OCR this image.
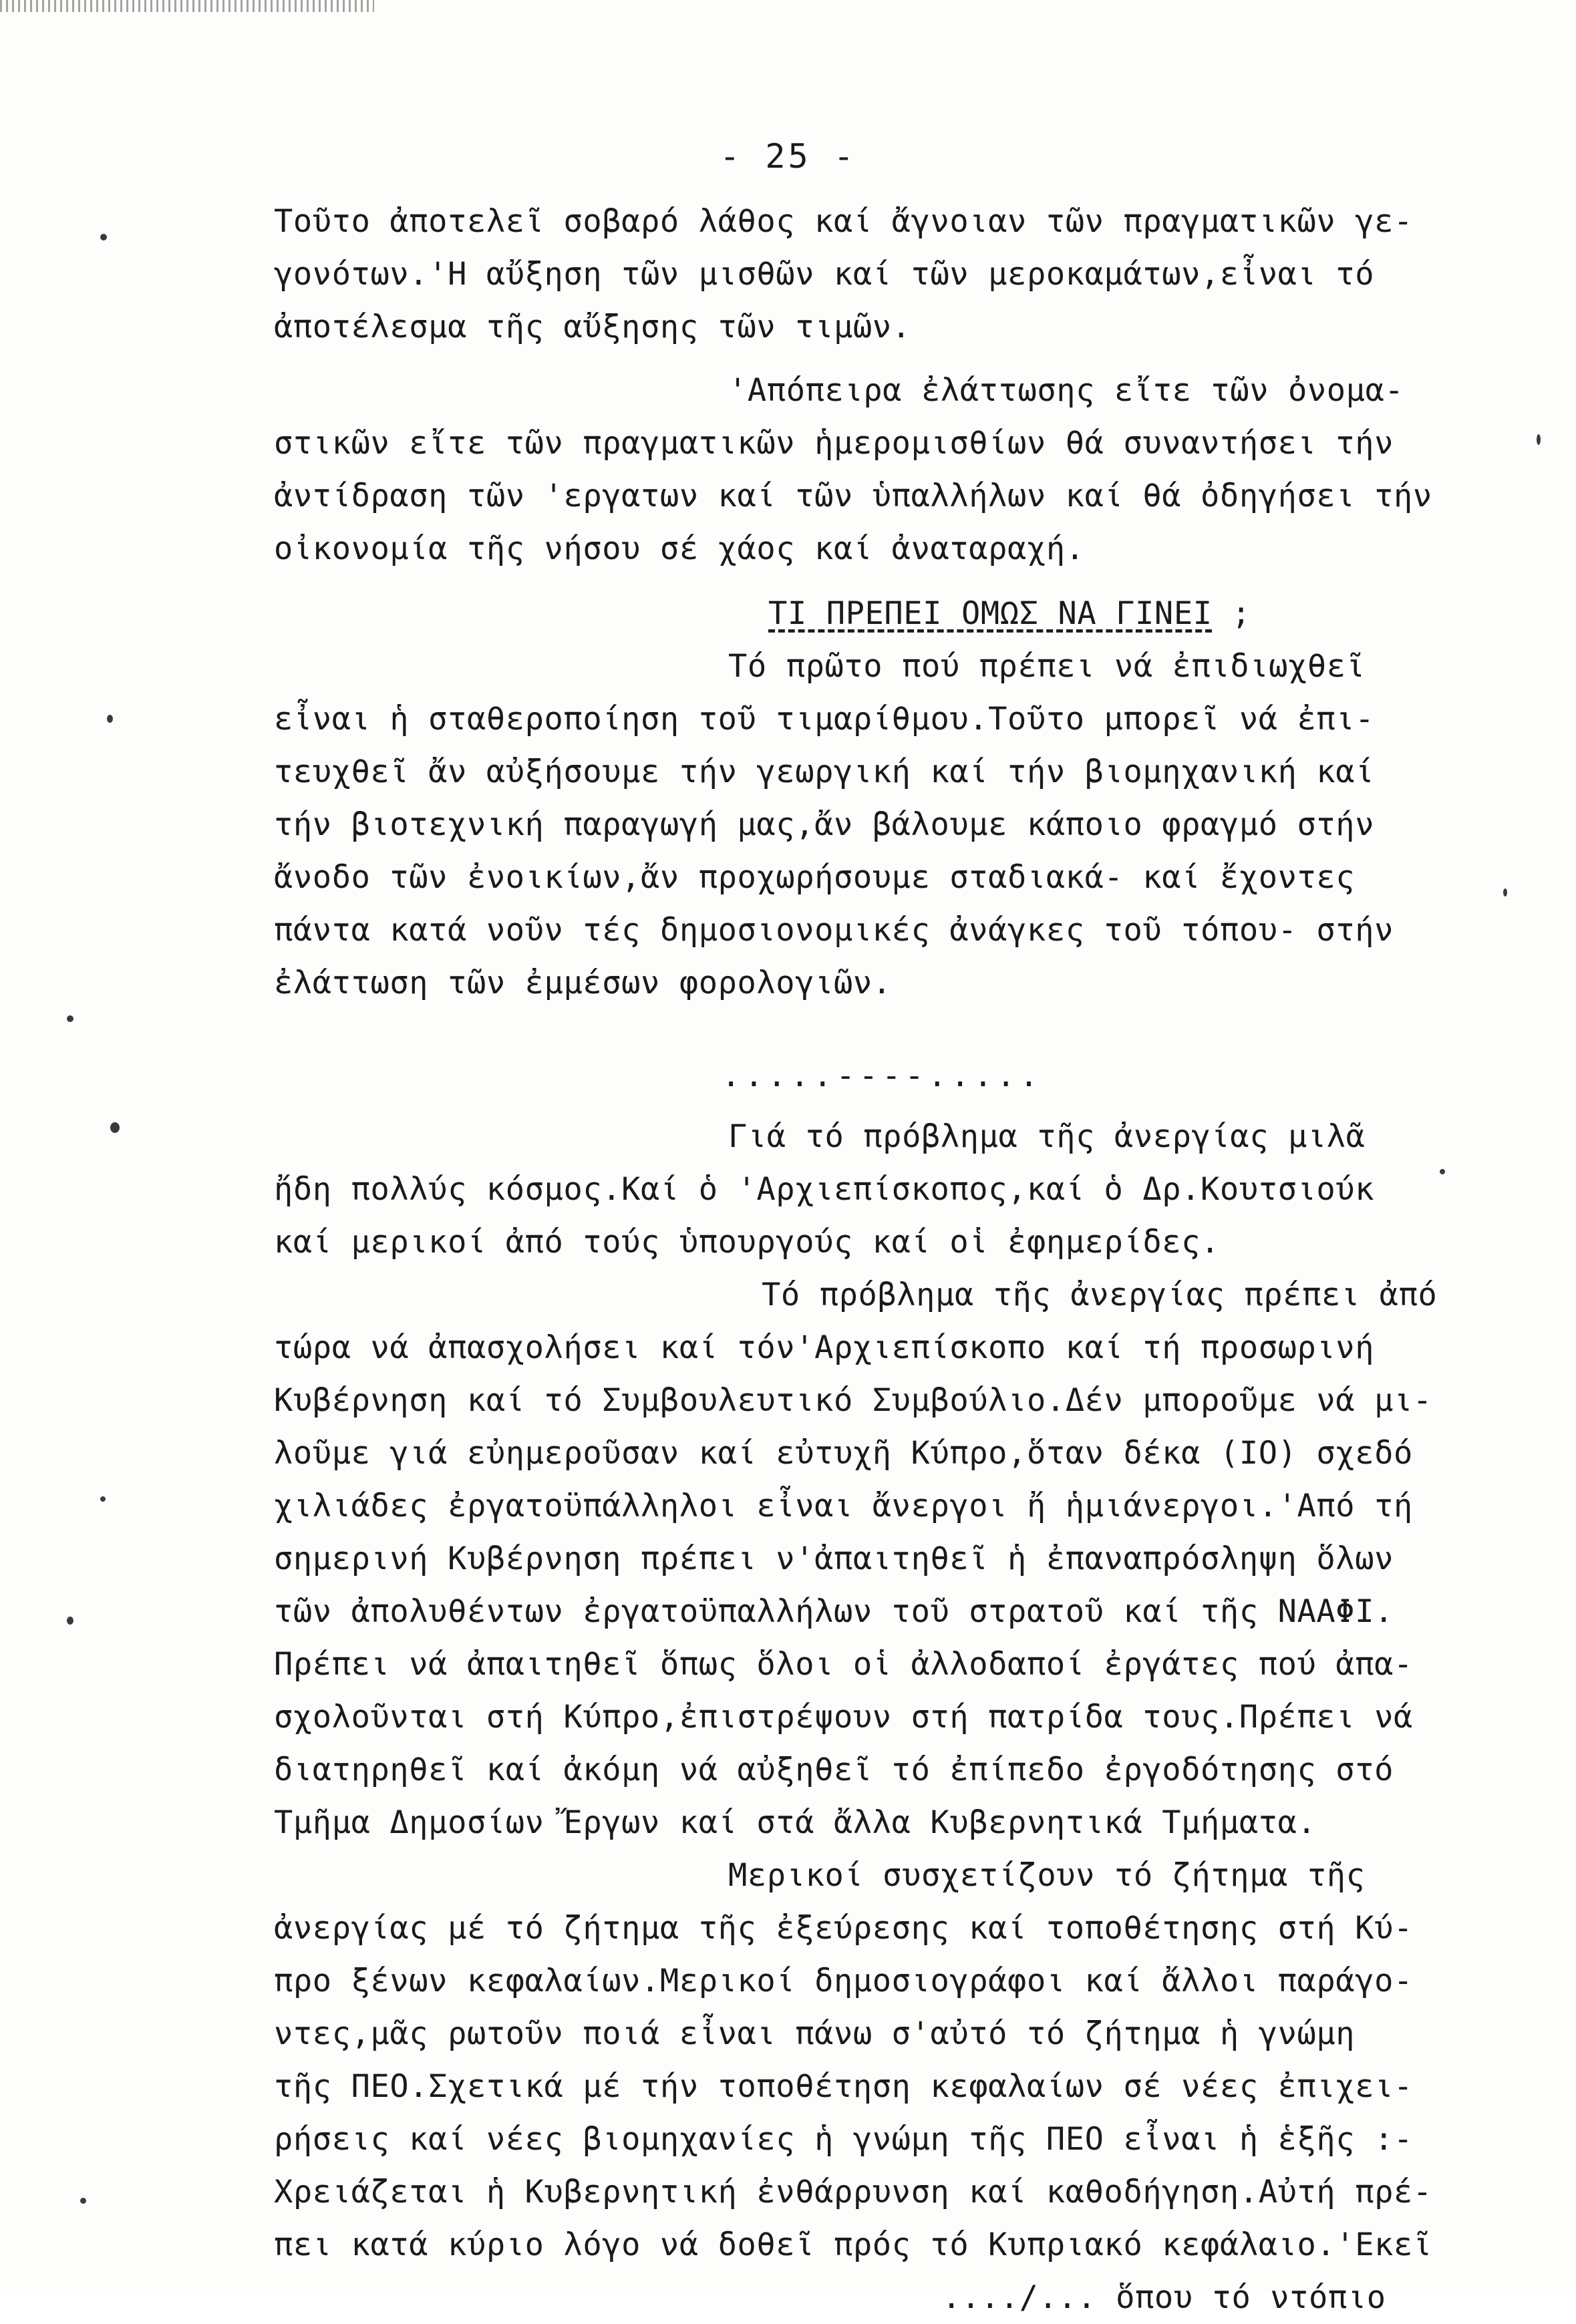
- 25 -
Τοῦτο ἀποτελεῖ σοβαρό λάθος καί ἄγνοιαν τῶν πραγματικῶν γε-
γονότων.'Η αὔξηση τῶν μισθῶν καί τῶν μεροκαμάτων,εἶναι τό
ἀποτέλεσμα τῆς αὔξησης τῶν τιμῶν.
'Απόπειρα ἐλάττωσης εἴτε τῶν ὀνομα-
στικῶν εἴτε τῶν πραγματικῶν ἡμερομισθίων θά συναντήσει τήν
ἀντίδραση τῶν 'εργατων καί τῶν ὑπαλλήλων καί θά ὀδηγήσει τήν
οἰκονομία τῆς νήσου σέ χάος καί ἀναταραχή.
ΤΙ ΠΡΕΠΕΙ ΟΜΩΣ ΝΑ ΓΙΝΕΙ ;
Τό πρῶτο πού πρέπει νά ἐπιδιωχθεῖ
εἶναι ἡ σταθεροποίηση τοῦ τιμαρίθμου.Τοῦτο μπορεῖ νά ἐπι-
τευχθεῖ ἄν αὐξήσουμε τήν γεωργική καί τήν βιομηχανική καί
τήν βιοτεχνική παραγωγή μας,ἄν βάλουμε κάποιο φραγμό στήν
ἄνοδο τῶν ἐνοικίων,ἄν προχωρήσουμε σταδιακά- καί ἔχοντες
πάντα κατά νοῦν τές δημοσιονομικές ἀνάγκες τοῦ τόπου- στήν
ἐλάττωση τῶν ἐμμέσων φορολογιῶν.
.....----.....
Γιά τό πρόβλημα τῆς ἀνεργίας μιλᾶ
ἤδη πολλύς κόσμος.Καί ὁ 'Αρχιεπίσκοπος,καί ὁ Δρ.Κουτσιούκ
καί μερικοί ἀπό τούς ὑπουργούς καί οἱ ἐφημερίδες.
Τό πρόβλημα τῆς ἀνεργίας πρέπει ἀπό
τώρα νά ἀπασχολήσει καί τόν'Αρχιεπίσκοπο καί τή προσωρινή
Κυβέρνηση καί τό Συμβουλευτικό Συμβούλιο.Δέν μποροῦμε νά μι-
λοῦμε γιά εὐημεροῦσαν καί εὐτυχῆ Κύπρο,ὅταν δέκα (ΙΟ) σχεδό
χιλιάδες ἐργατοϋπάλληλοι εἶναι ἄνεργοι ἤ ἡμιάνεργοι.'Από τή
σημερινή Κυβέρνηση πρέπει ν'ἀπαιτηθεῖ ἡ ἐπαναπρόσληψη ὅλων
τῶν ἀπολυθέντων ἐργατοϋπαλλήλων τοῦ στρατοῦ καί τῆς ΝΑΑΦΙ.
Πρέπει νά ἀπαιτηθεῖ ὅπως ὅλοι οἱ ἀλλοδαποί ἐργάτες πού ἀπα-
σχολοῦνται στή Κύπρο,ἐπιστρέψουν στή πατρίδα τους.Πρέπει νά
διατηρηθεῖ καί ἀκόμη νά αὐξηθεῖ τό ἐπίπεδο ἐργοδότησης στό
Τμῆμα Δημοσίων Ἔργων καί στά ἄλλα Κυβερνητικά Τμήματα.
Μερικοί συσχετίζουν τό ζήτημα τῆς
ἀνεργίας μέ τό ζήτημα τῆς ἐξεύρεσης καί τοποθέτησης στή Κύ-
προ ξένων κεφαλαίων.Μερικοί δημοσιογράφοι καί ἄλλοι παράγο-
ντες,μᾶς ρωτοῦν ποιά εἶναι πάνω σ'αὐτό τό ζήτημα ἡ γνώμη
τῆς ΠΕΟ.Σχετικά μέ τήν τοποθέτηση κεφαλαίων σέ νέες ἐπιχει-
ρήσεις καί νέες βιομηχανίες ἡ γνώμη τῆς ΠΕΟ εἶναι ἡ ἑξῆς :-
Χρειάζεται ἡ Κυβερνητική ἐνθάρρυνση καί καθοδήγηση.Αὐτή πρέ-
πει κατά κύριο λόγο νά δοθεῖ πρός τό Κυπριακό κεφάλαιο.'Εκεῖ
..../... ὅπου τό ντόπιο
